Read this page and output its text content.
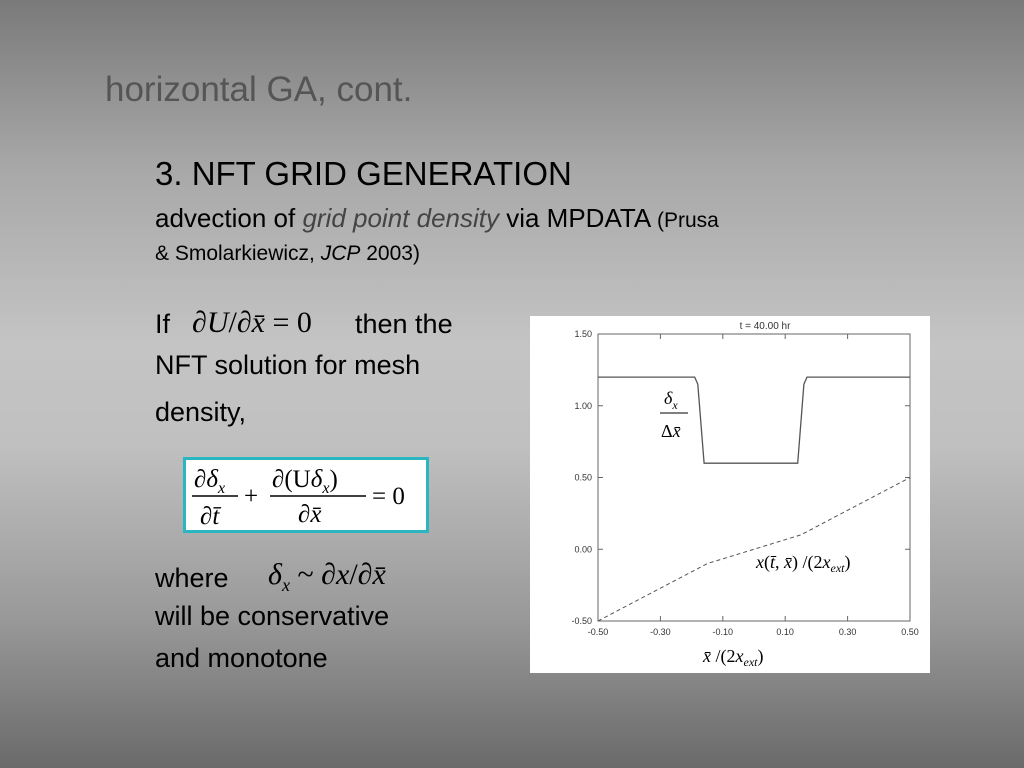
horizontal GA, cont.
3. NFT GRID GENERATION
advection of grid point density via MPDATA (Prusa
& Smolarkiewicz, JCP 2003)
If ∂U/∂x̄ = 0 then the
NFT solution for mesh
density,
$\partial\delta_x$
∂t̄
+
$\partial(U\delta_x)$
∂x̄
= 0
where $\delta_x$ ~ ∂x/∂x̄
will be conservative
and monotone
t = 40.00 hr
-0.50	-0.30	-0.10	0.10	0.30	0.50
1.50
1.00
0.50
0.00
-0.50
$\delta_x$
Δx̄
x(t̄, x̄) $/(2x_{ext})$
x̄ $/(2x_{ext})$
